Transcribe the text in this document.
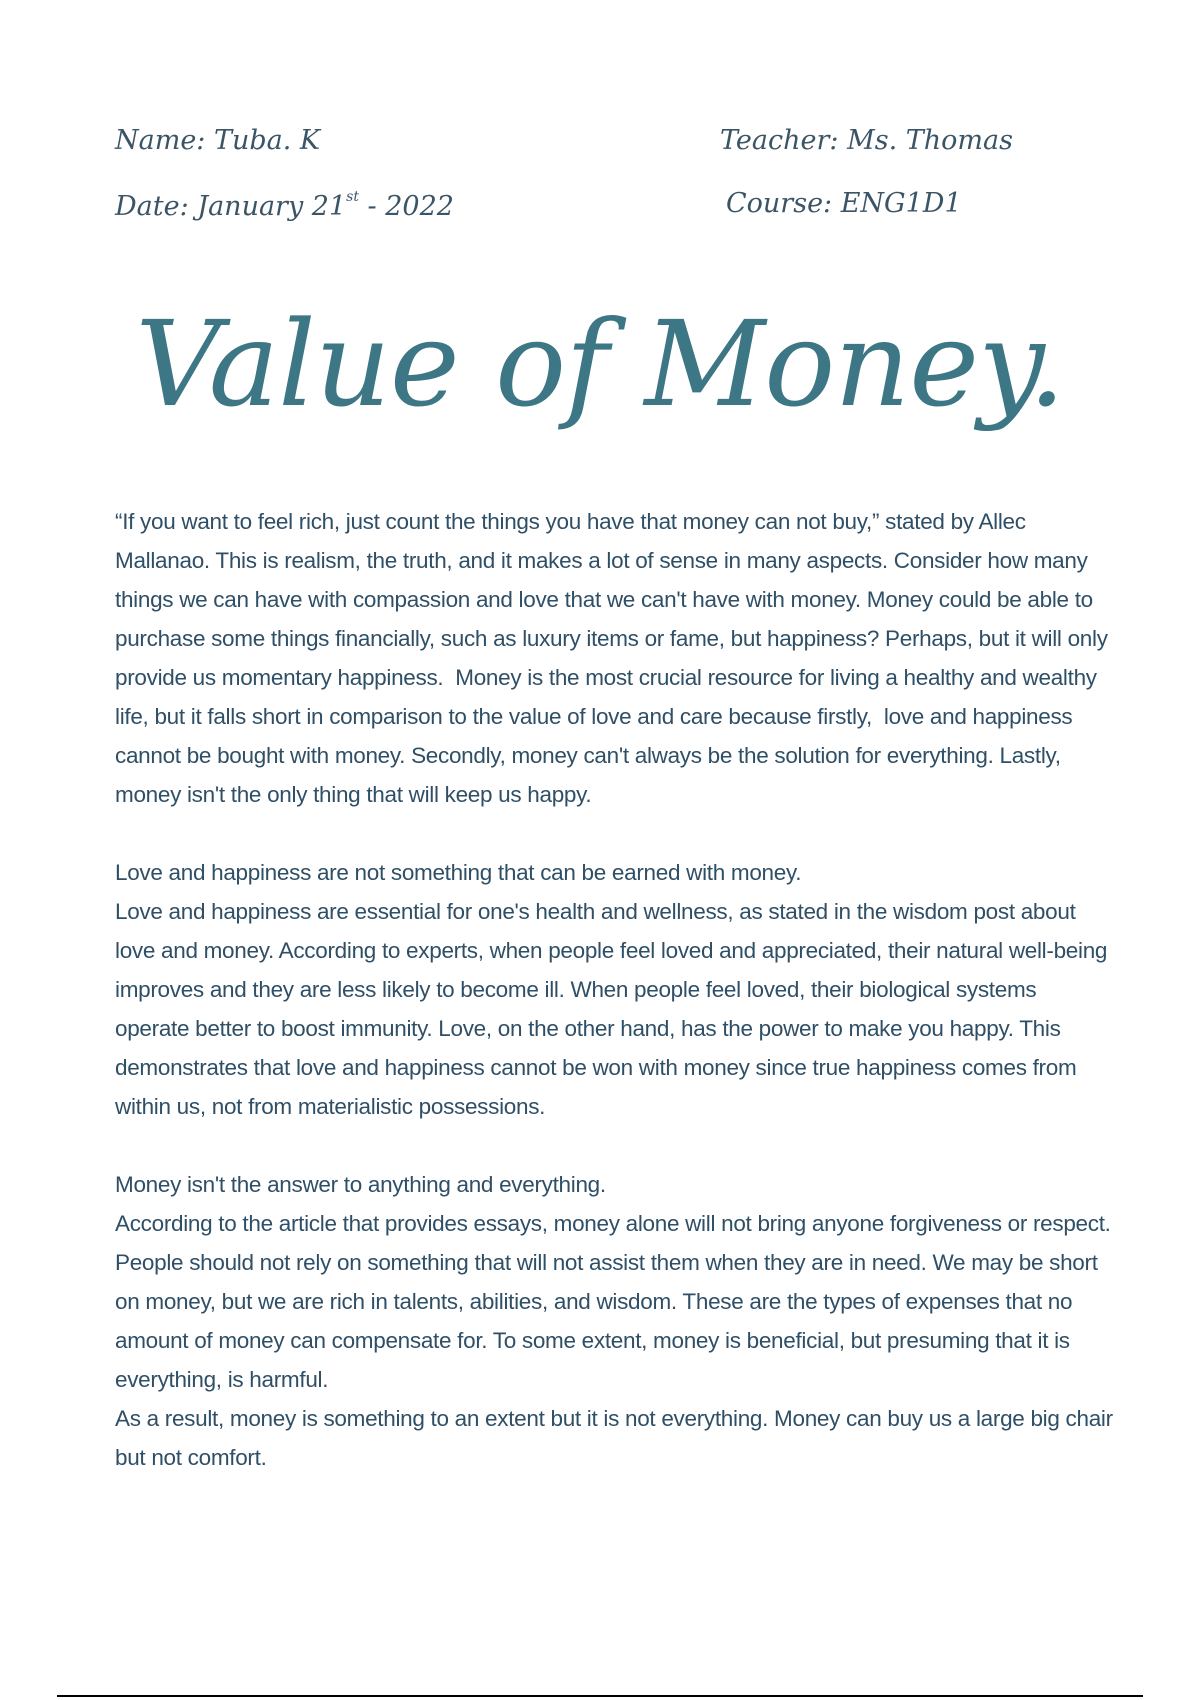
Name: Tuba. K
Date: January 21st - 2022
Teacher: Ms. Thomas
Course: ENG1D1
Value of Money.

“If you want to feel rich, just count the things you have that money can not buy,” stated by Allec Mallanao. This is realism, the truth, and it makes a lot of sense in many aspects. Consider how many things we can have with compassion and love that we can't have with money. Money could be able to purchase some things financially, such as luxury items or fame, but happiness? Perhaps, but it will only provide us momentary happiness.  Money is the most crucial resource for living a healthy and wealthy life, but it falls short in comparison to the value of love and care because firstly,  love and happiness cannot be bought with money. Secondly, money can't always be the solution for everything. Lastly, money isn't the only thing that will keep us happy.

Love and happiness are not something that can be earned with money.

Love and happiness are essential for one's health and wellness, as stated in the wisdom post about love and money. According to experts, when people feel loved and appreciated, their natural well-being improves and they are less likely to become ill. When people feel loved, their biological systems operate better to boost immunity. Love, on the other hand, has the power to make you happy. This demonstrates that love and happiness cannot be won with money since true happiness comes from within us, not from materialistic possessions.

Money isn't the answer to anything and everything.

According to the article that provides essays, money alone will not bring anyone forgiveness or respect. People should not rely on something that will not assist them when they are in need. We may be short on money, but we are rich in talents, abilities, and wisdom. These are the types of expenses that no amount of money can compensate for. To some extent, money is beneficial, but presuming that it is everything, is harmful.

As a result, money is something to an extent but it is not everything. Money can buy us a large big chair but not comfort.
